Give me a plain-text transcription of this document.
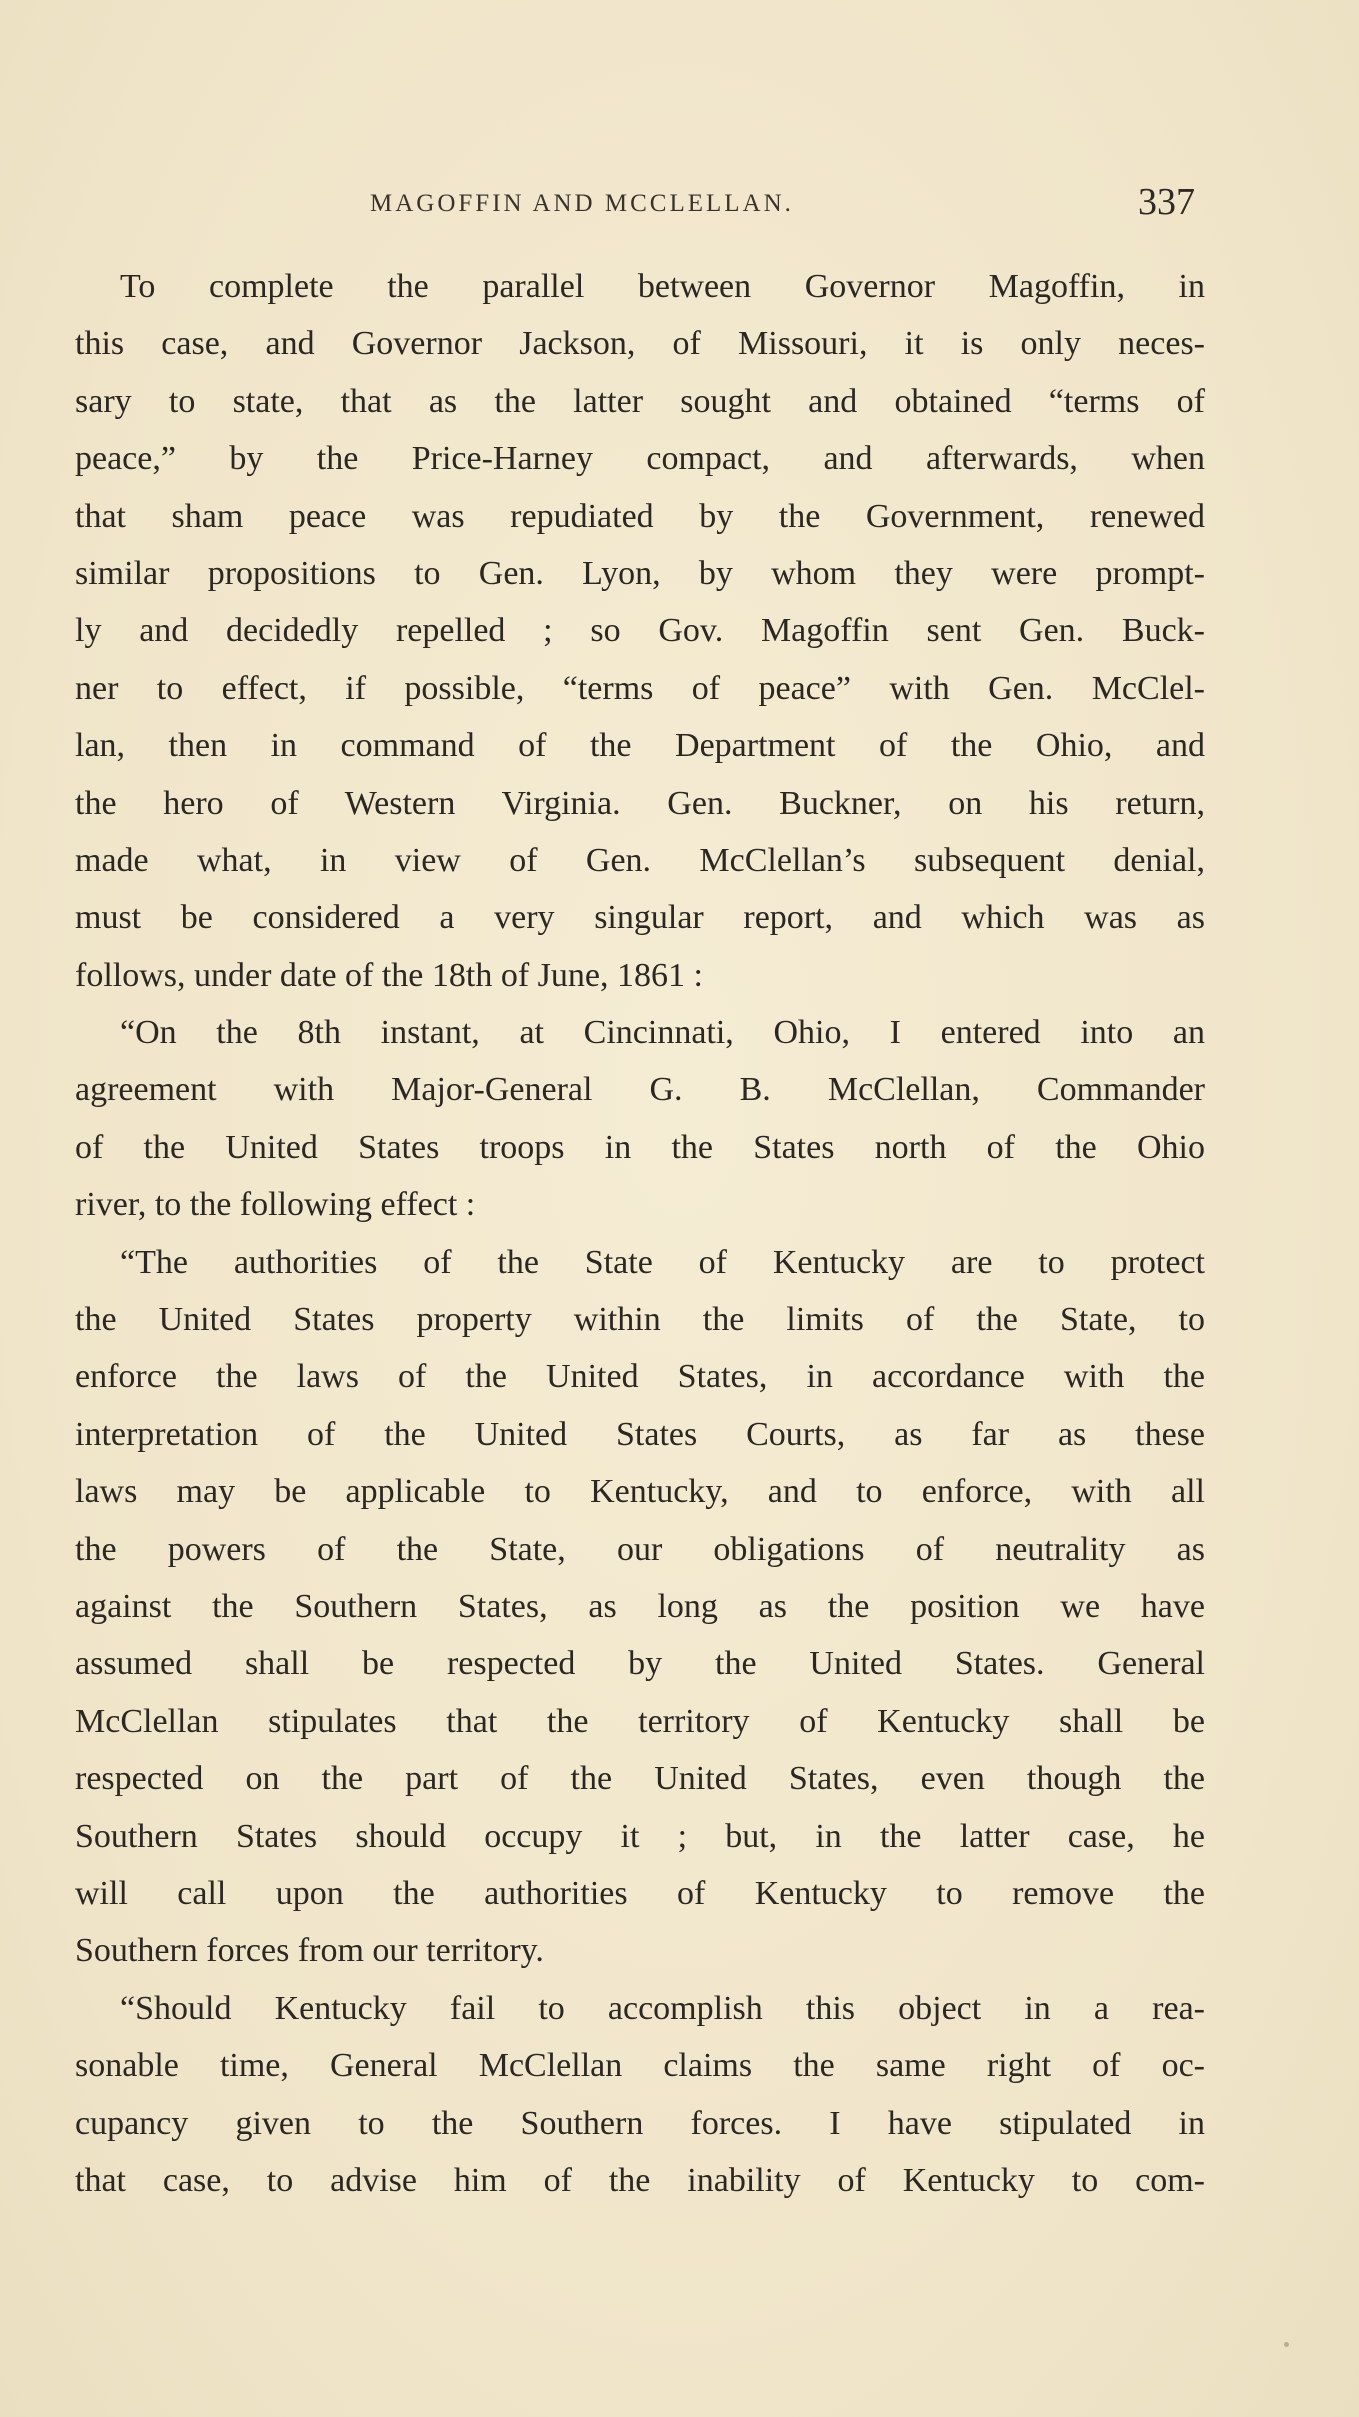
MAGOFFIN AND MCCLELLAN.	337
To complete the parallel between Governor Magoffin, in
this case, and Governor Jackson, of Missouri, it is only neces-
sary to state, that as the latter sought and obtained “terms of
peace,” by the Price-Harney compact, and afterwards, when
that sham peace was repudiated by the Government, renewed
similar propositions to Gen. Lyon, by whom they were prompt-
ly and decidedly repelled ; so Gov. Magoffin sent Gen. Buck-
ner to effect, if possible, “terms of peace” with Gen. McClel-
lan, then in command of the Department of the Ohio, and
the hero of Western Virginia. Gen. Buckner, on his return,
made what, in view of Gen. McClellan’s subsequent denial,
must be considered a very singular report, and which was as
follows, under date of the 18th of June, 1861 :
“On the 8th instant, at Cincinnati, Ohio, I entered into an
agreement with Major-General G. B. McClellan, Commander
of the United States troops in the States north of the Ohio
river, to the following effect :
“The authorities of the State of Kentucky are to protect
the United States property within the limits of the State, to
enforce the laws of the United States, in accordance with the
interpretation of the United States Courts, as far as these
laws may be applicable to Kentucky, and to enforce, with all
the powers of the State, our obligations of neutrality as
against the Southern States, as long as the position we have
assumed shall be respected by the United States. General
McClellan stipulates that the territory of Kentucky shall be
respected on the part of the United States, even though the
Southern States should occupy it ; but, in the latter case, he
will call upon the authorities of Kentucky to remove the
Southern forces from our territory.
“Should Kentucky fail to accomplish this object in a rea-
sonable time, General McClellan claims the same right of oc-
cupancy given to the Southern forces. I have stipulated in
that case, to advise him of the inability of Kentucky to com-
